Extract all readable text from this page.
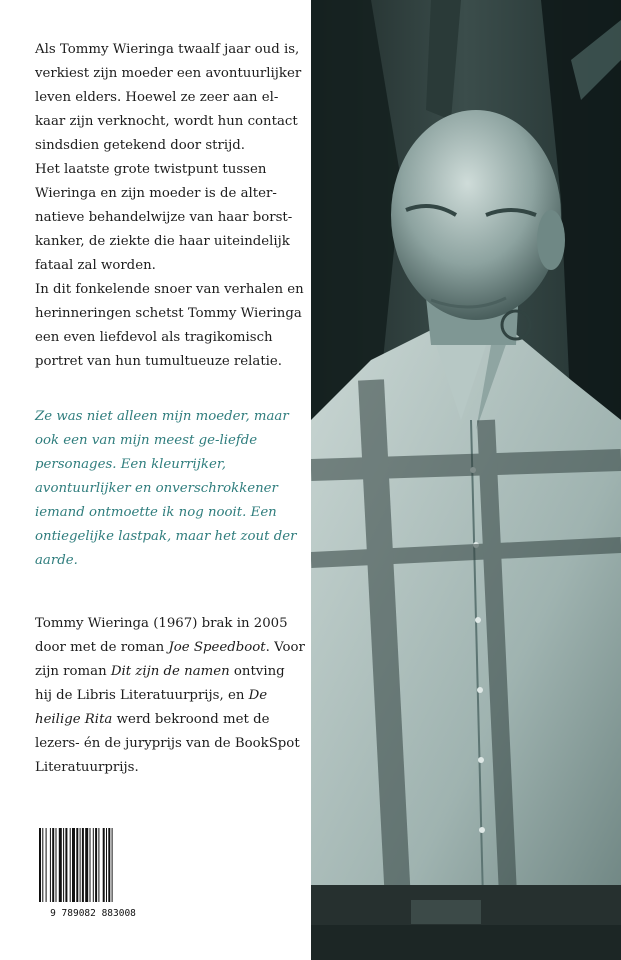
Als Tommy Wieringa twaalf jaar oud is, verkiest zijn moeder een avontuurlijker leven elders. Hoewel ze zeer aan el-kaar zijn verknocht, wordt hun contact sindsdien getekend door strijd.

Het laatste grote twistpunt tussen Wieringa en zijn moeder is de alter-natieve behandelwijze van haar borst-kanker, de ziekte die haar uiteindelijk fataal zal worden.

In dit fonkelende snoer van verhalen en herinneringen schetst Tommy Wieringa een even liefdevol als tragikomisch portret van hun tumultueuze relatie.

Ze was niet alleen mijn moeder, maar ook een van mijn meest ge-liefde personages. Een kleurrijker, avontuurlijker en onverschrokkener iemand ontmoette ik nog nooit. Een ontiegelijke lastpak, maar het zout der aarde.

Tommy Wieringa (1967) brak in 2005 door met de roman Joe Speedboot. Voor zijn roman Dit zijn de namen ontving hij de Libris Literatuurprijs, en De heilige Rita werd bekroond met de lezers- én de juryprijs van de BookSpot Literatuurprijs.

9 789082 883008
